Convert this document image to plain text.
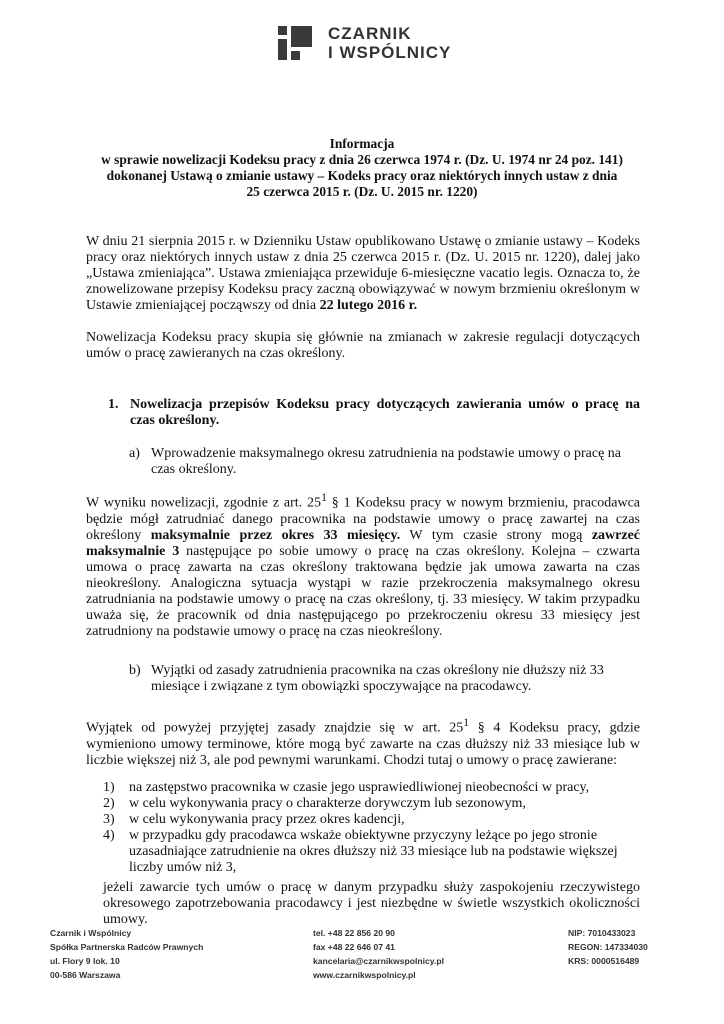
CZARNIK
I WSPÓLNICY
Informacja
w sprawie nowelizacji Kodeksu pracy z dnia 26 czerwca 1974 r. (Dz. U. 1974 nr 24 poz. 141)
dokonanej Ustawą o zmianie ustawy – Kodeks pracy oraz niektórych innych ustaw z dnia
25 czerwca 2015 r. (Dz. U. 2015 nr. 1220)
W dniu 21 sierpnia 2015 r. w Dzienniku Ustaw opublikowano Ustawę o zmianie ustawy – Kodeks pracy oraz niektórych innych ustaw z dnia 25 czerwca 2015 r. (Dz. U. 2015 nr. 1220), dalej jako „Ustawa zmieniająca”. Ustawa zmieniająca przewiduje 6-miesięczne vacatio legis. Oznacza to, że znowelizowane przepisy Kodeksu pracy zaczną obowiązywać w nowym brzmieniu określonym w Ustawie zmieniającej począwszy od dnia 22 lutego 2016 r.
Nowelizacja Kodeksu pracy skupia się głównie na zmianach w zakresie regulacji dotyczących umów o pracę zawieranych na czas określony.
1. Nowelizacja przepisów Kodeksu pracy dotyczących zawierania umów o pracę na czas określony.
a) Wprowadzenie maksymalnego okresu zatrudnienia na podstawie umowy o pracę na czas określony.
W wyniku nowelizacji, zgodnie z art. $25^1$ § 1 Kodeksu pracy w nowym brzmieniu, pracodawca będzie mógł zatrudniać danego pracownika na podstawie umowy o pracę zawartej na czas określony maksymalnie przez okres 33 miesięcy. W tym czasie strony mogą zawrzeć maksymalnie 3 następujące po sobie umowy o pracę na czas określony. Kolejna – czwarta umowa o pracę zawarta na czas określony traktowana będzie jak umowa zawarta na czas nieokreślony. Analogiczna sytuacja wystąpi w razie przekroczenia maksymalnego okresu zatrudniania na podstawie umowy o pracę na czas określony, tj. 33 miesięcy. W takim przypadku uważa się, że pracownik od dnia następującego po przekroczeniu okresu 33 miesięcy jest zatrudniony na podstawie umowy o pracę na czas nieokreślony.
b) Wyjątki od zasady zatrudnienia pracownika na czas określony nie dłuższy niż 33 miesiące i związane z tym obowiązki spoczywające na pracodawcy.
Wyjątek od powyżej przyjętej zasady znajdzie się w art. $25^1$ § 4 Kodeksu pracy, gdzie wymieniono umowy terminowe, które mogą być zawarte na czas dłuższy niż 33 miesiące lub w liczbie większej niż 3, ale pod pewnymi warunkami. Chodzi tutaj o umowy o pracę zawierane:
1) na zastępstwo pracownika w czasie jego usprawiedliwionej nieobecności w pracy,
2) w celu wykonywania pracy o charakterze dorywczym lub sezonowym,
3) w celu wykonywania pracy przez okres kadencji,
4) w przypadku gdy pracodawca wskaże obiektywne przyczyny leżące po jego stronie uzasadniające zatrudnienie na okres dłuższy niż 33 miesiące lub na podstawie większej liczby umów niż 3,
jeżeli zawarcie tych umów o pracę w danym przypadku służy zaspokojeniu rzeczywistego okresowego zapotrzebowania pracodawcy i jest niezbędne w świetle wszystkich okoliczności umowy.
Czarnik i Wspólnicy
Spółka Partnerska Radców Prawnych
ul. Flory 9 lok. 10
00-586 Warszawa
tel. +48 22 856 20 90
fax +48 22 646 07 41
kancelaria@czarnikwspolnicy.pl
www.czarnikwspolnicy.pl
NIP: 7010433023
REGON: 147334030
KRS: 0000516489
